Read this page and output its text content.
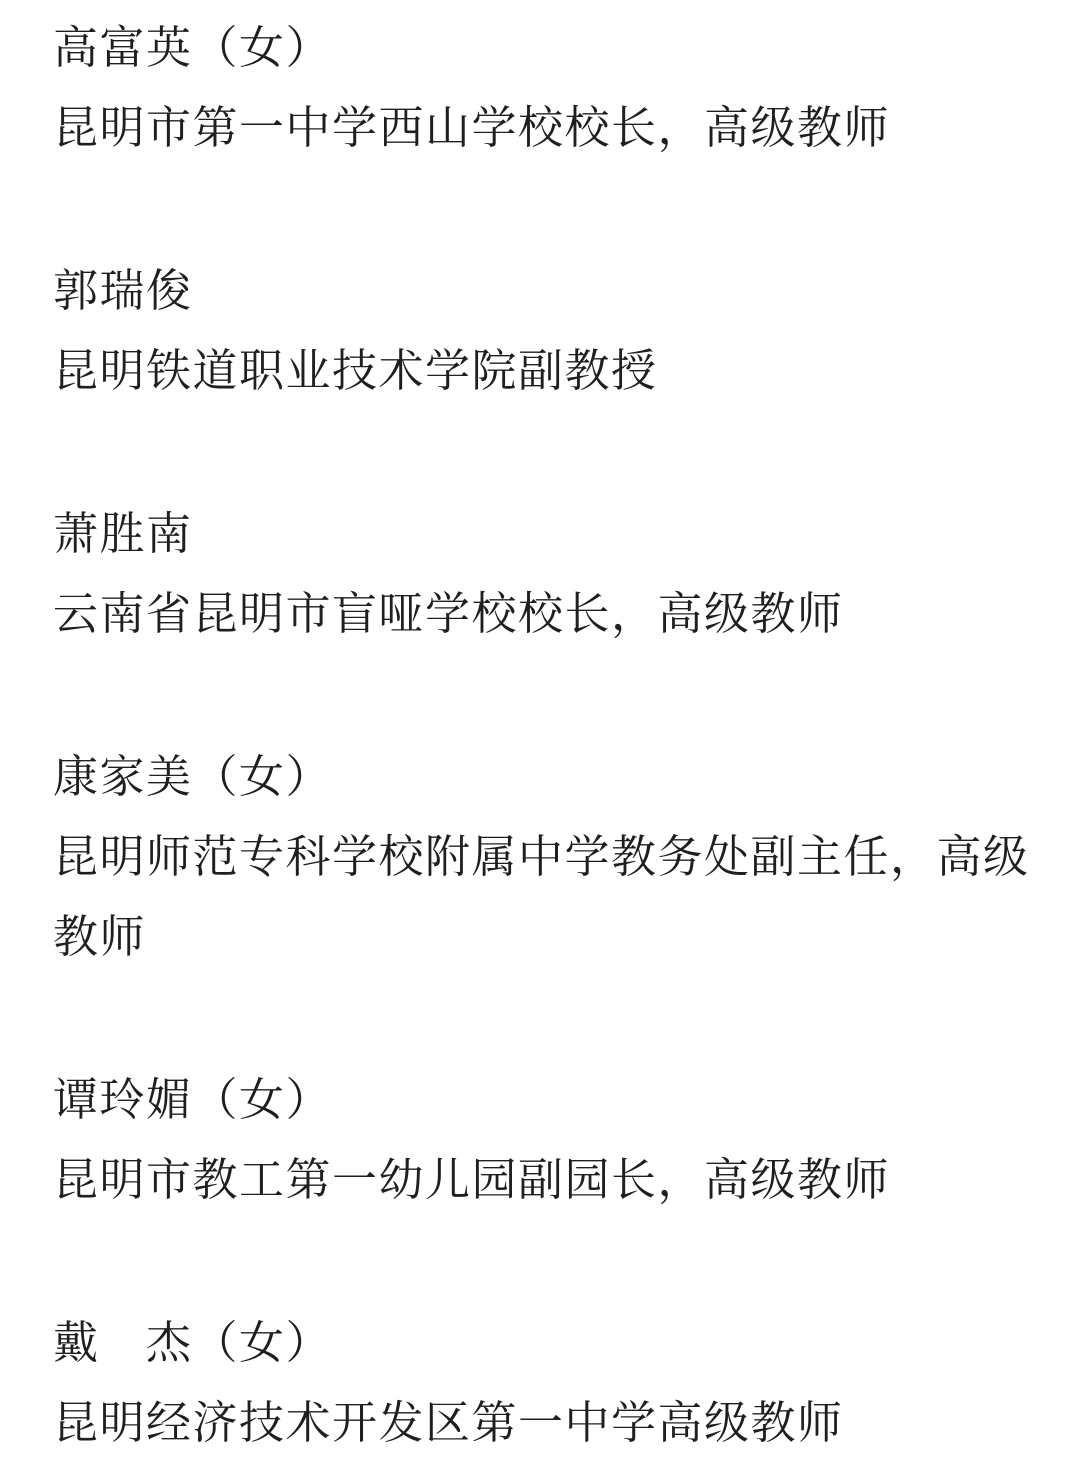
高富英（女）
昆明市第一中学西山学校校长，高级教师
郭瑞俊
昆明铁道职业技术学院副教授
萧胜南
云南省昆明市盲哑学校校长，高级教师
康家美（女）
昆明师范专科学校附属中学教务处副主任，高级
教师
谭玲媚（女）
昆明市教工第一幼儿园副园长，高级教师
戴　杰（女）
昆明经济技术开发区第一中学高级教师
